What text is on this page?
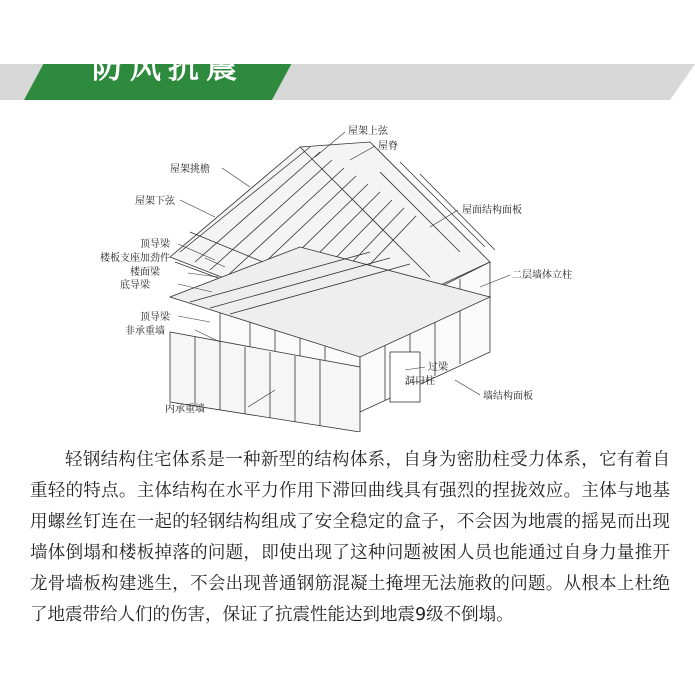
防风抗震
屋架上弦
屋脊
屋架挑檐
屋架下弦
屋面结构面板
顶导梁
楼板支座加劲件
楼面梁
底导梁
二层墙体立柱
顶导梁
非承重墙
过梁
洞口柱
内承重墙
墙结构面板

轻钢结构住宅体系是一种新型的结构体系，自身为密肋柱受力体系，它有着自重轻的特点。主体结构在水平力作用下滞回曲线具有强烈的捏拢效应。主体与地基用螺丝钉连在一起的轻钢结构组成了安全稳定的盒子，不会因为地震的摇晃而出现墙体倒塌和楼板掉落的问题，即使出现了这种问题被困人员也能通过自身力量推开龙骨墙板构建逃生，不会出现普通钢筋混凝土掩埋无法施救的问题。从根本上杜绝了地震带给人们的伤害，保证了抗震性能达到地震9级不倒塌。
